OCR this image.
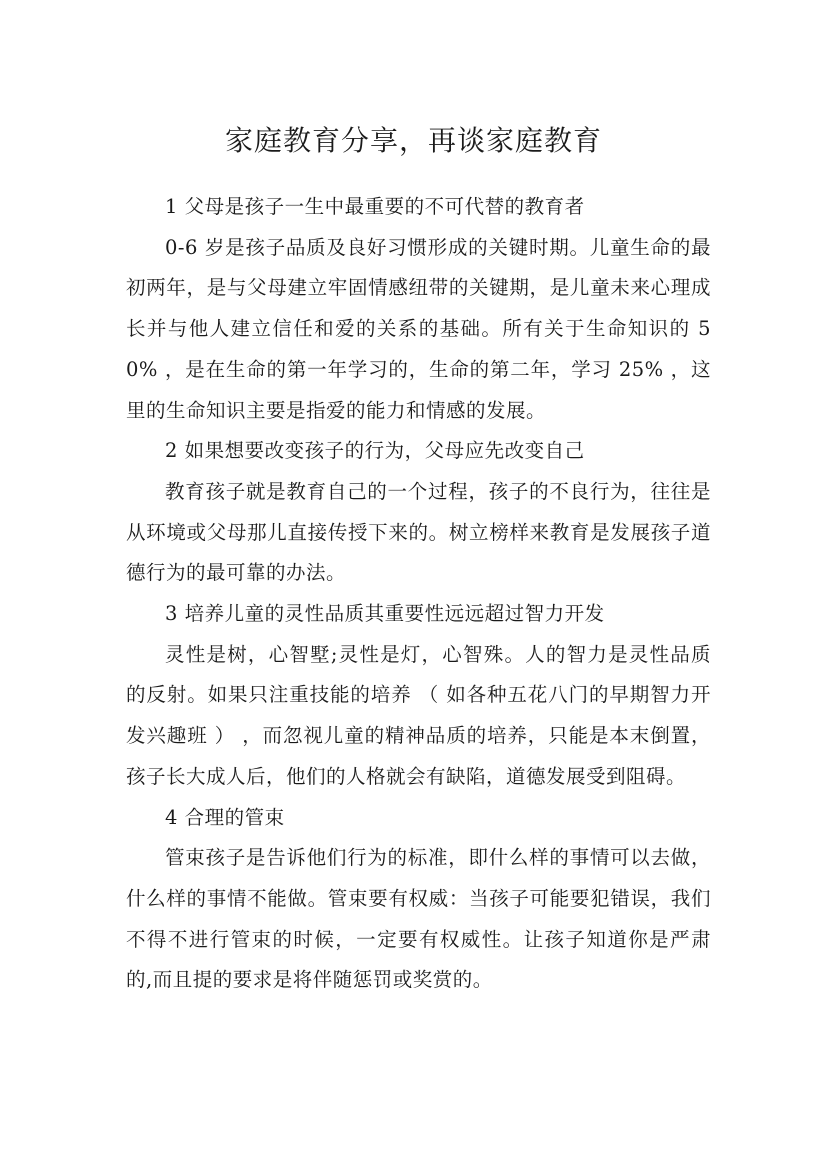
家庭教育分享，再谈家庭教育

1 父母是孩子一生中最重要的不可代替的教育者

0-6 岁是孩子品质及良好习惯形成的关键时期。儿童生命的最初两年，是与父母建立牢固情感纽带的关键期，是儿童未来心理成长并与他人建立信任和爱的关系的基础。所有关于生命知识的 50% ，是在生命的第一年学习的，生命的第二年，学习 25% ，这里的生命知识主要是指爱的能力和情感的发展。

2 如果想要改变孩子的行为，父母应先改变自己

教育孩子就是教育自己的一个过程，孩子的不良行为，往往是从环境或父母那儿直接传授下来的。树立榜样来教育是发展孩子道德行为的最可靠的办法。

3 培养儿童的灵性品质其重要性远远超过智力开发

灵性是树，心智墅;灵性是灯，心智殊。人的智力是灵性品质的反射。如果只注重技能的培养 （ 如各种五花八门的早期智力开发兴趣班 ） ，而忽视儿童的精神品质的培养，只能是本末倒置，孩子长大成人后，他们的人格就会有缺陷，道德发展受到阻碍。

4 合理的管束

管束孩子是告诉他们行为的标准，即什么样的事情可以去做，什么样的事情不能做。管束要有权威：当孩子可能要犯错误，我们不得不进行管束的时候，一定要有权威性。让孩子知道你是严肃的,而且提的要求是将伴随惩罚或奖赏的。
